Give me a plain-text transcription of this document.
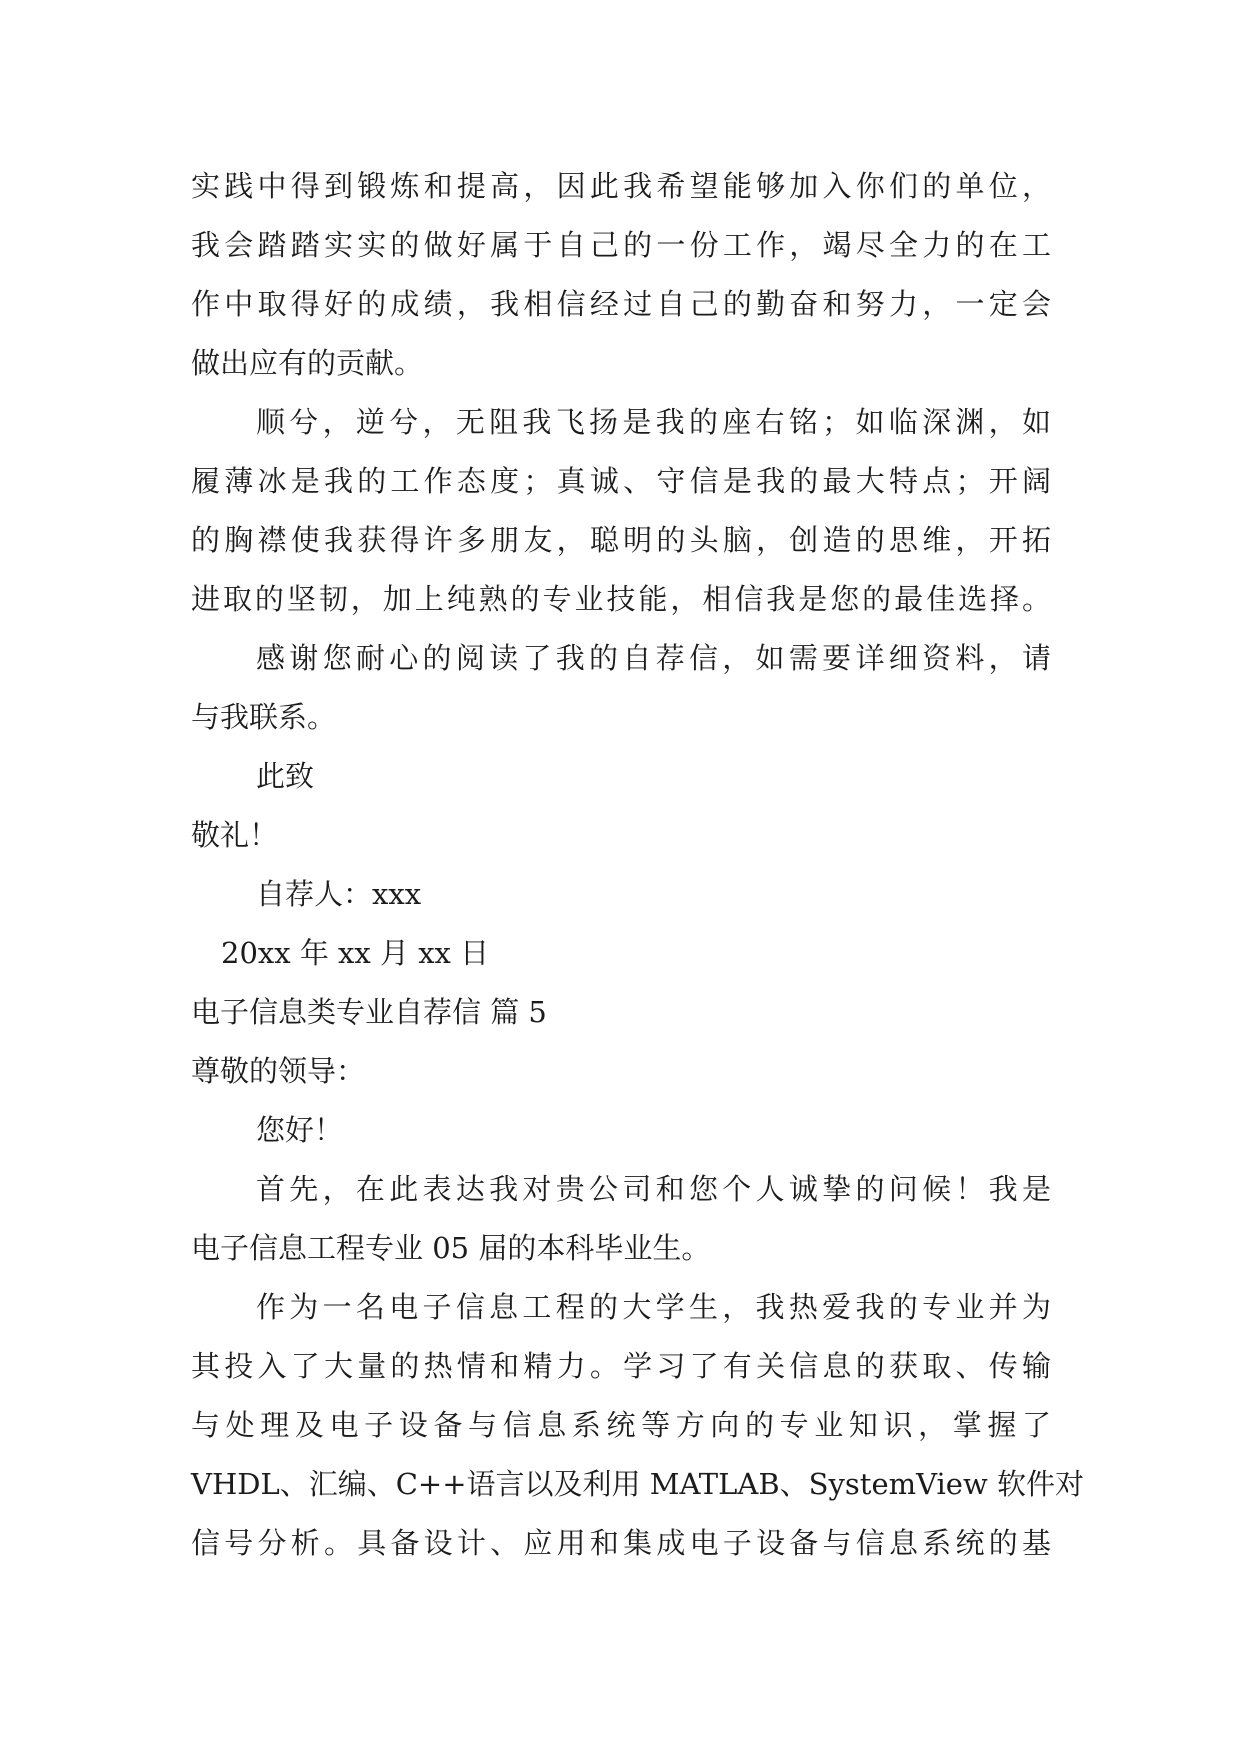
实践中得到锻炼和提高，因此我希望能够加入你们的单位，
我会踏踏实实的做好属于自己的一份工作，竭尽全力的在工
作中取得好的成绩，我相信经过自己的勤奋和努力，一定会
做出应有的贡献。
顺兮，逆兮，无阻我飞扬是我的座右铭；如临深渊，如
履薄冰是我的工作态度；真诚、守信是我的最大特点；开阔
的胸襟使我获得许多朋友，聪明的头脑，创造的思维，开拓
进取的坚韧，加上纯熟的专业技能，相信我是您的最佳选择。
感谢您耐心的阅读了我的自荐信，如需要详细资料，请
与我联系。
此致
敬礼！
自荐人：xxx
20xx 年 xx 月 xx 日
电子信息类专业自荐信 篇 5
尊敬的领导：
您好！
首先，在此表达我对贵公司和您个人诚挚的问候！我是
电子信息工程专业 05 届的本科毕业生。
作为一名电子信息工程的大学生，我热爱我的专业并为
其投入了大量的热情和精力。学习了有关信息的获取、传输
与处理及电子设备与信息系统等方向的专业知识，掌握了
VHDL、汇编、C++语言以及利用 MATLAB、SystemView 软件对
信号分析。具备设计、应用和集成电子设备与信息系统的基
